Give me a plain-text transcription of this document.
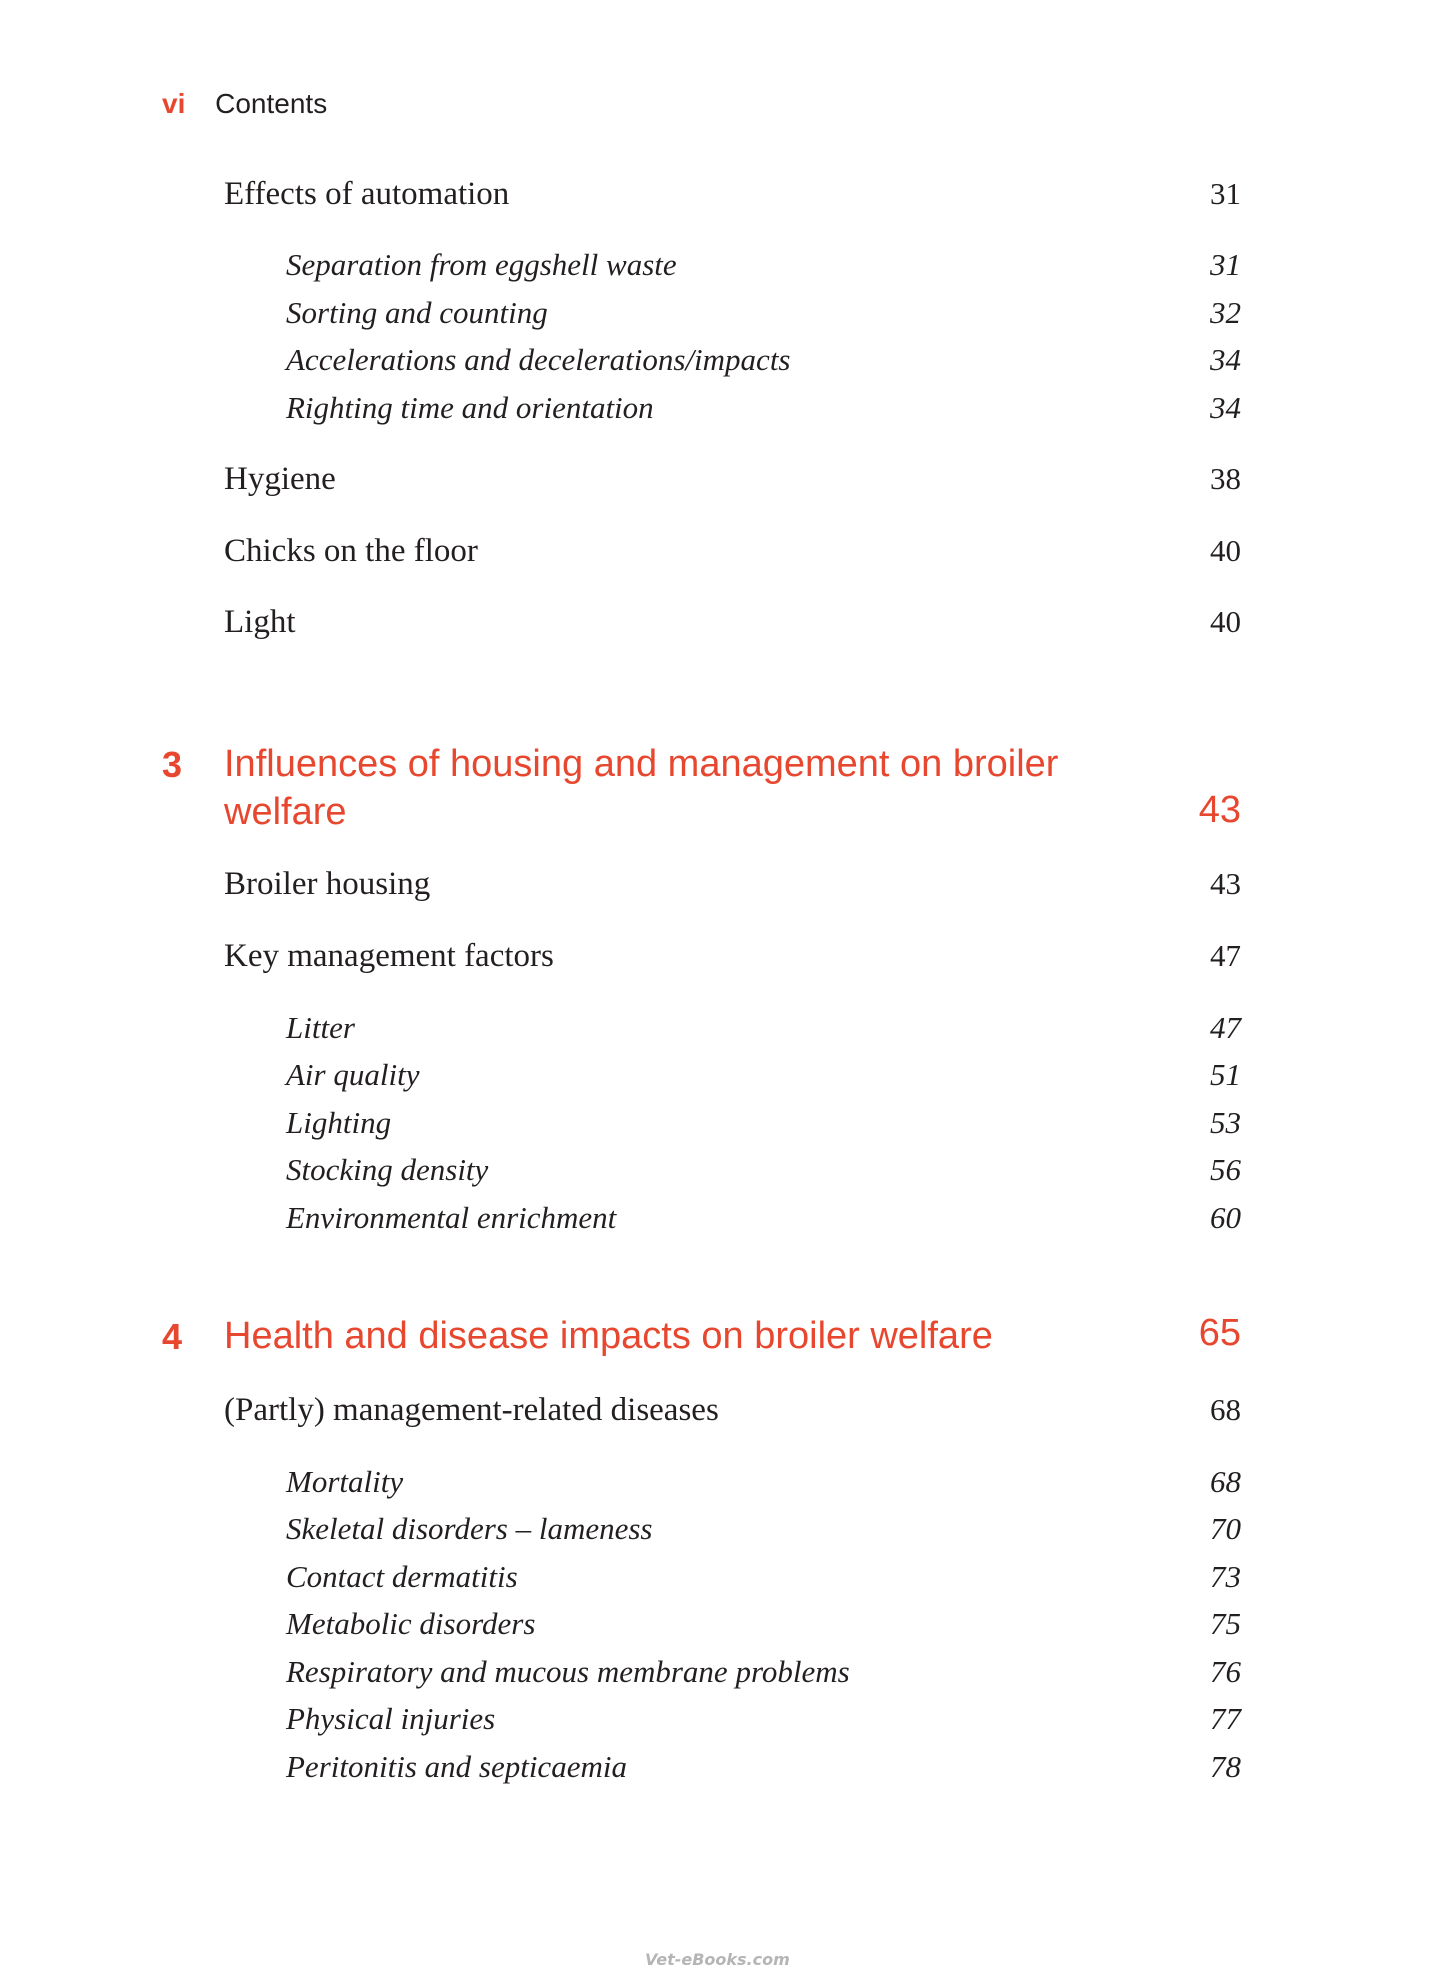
vi Contents
Effects of automation	31
Separation from eggshell waste	31
Sorting and counting	32
Accelerations and decelerations/impacts	34
Righting time and orientation	34
Hygiene	38
Chicks on the floor	40
Light	40
3 Influences of housing and management on broiler
welfare	43
Broiler housing	43
Key management factors	47
Litter	47
Air quality	51
Lighting	53
Stocking density	56
Environmental enrichment	60
4 Health and disease impacts on broiler welfare	65
(Partly) management-related diseases	68
Mortality	68
Skeletal disorders – lameness	70
Contact dermatitis	73
Metabolic disorders	75
Respiratory and mucous membrane problems	76
Physical injuries	77
Peritonitis and septicaemia	78
Vet-eBooks.com
